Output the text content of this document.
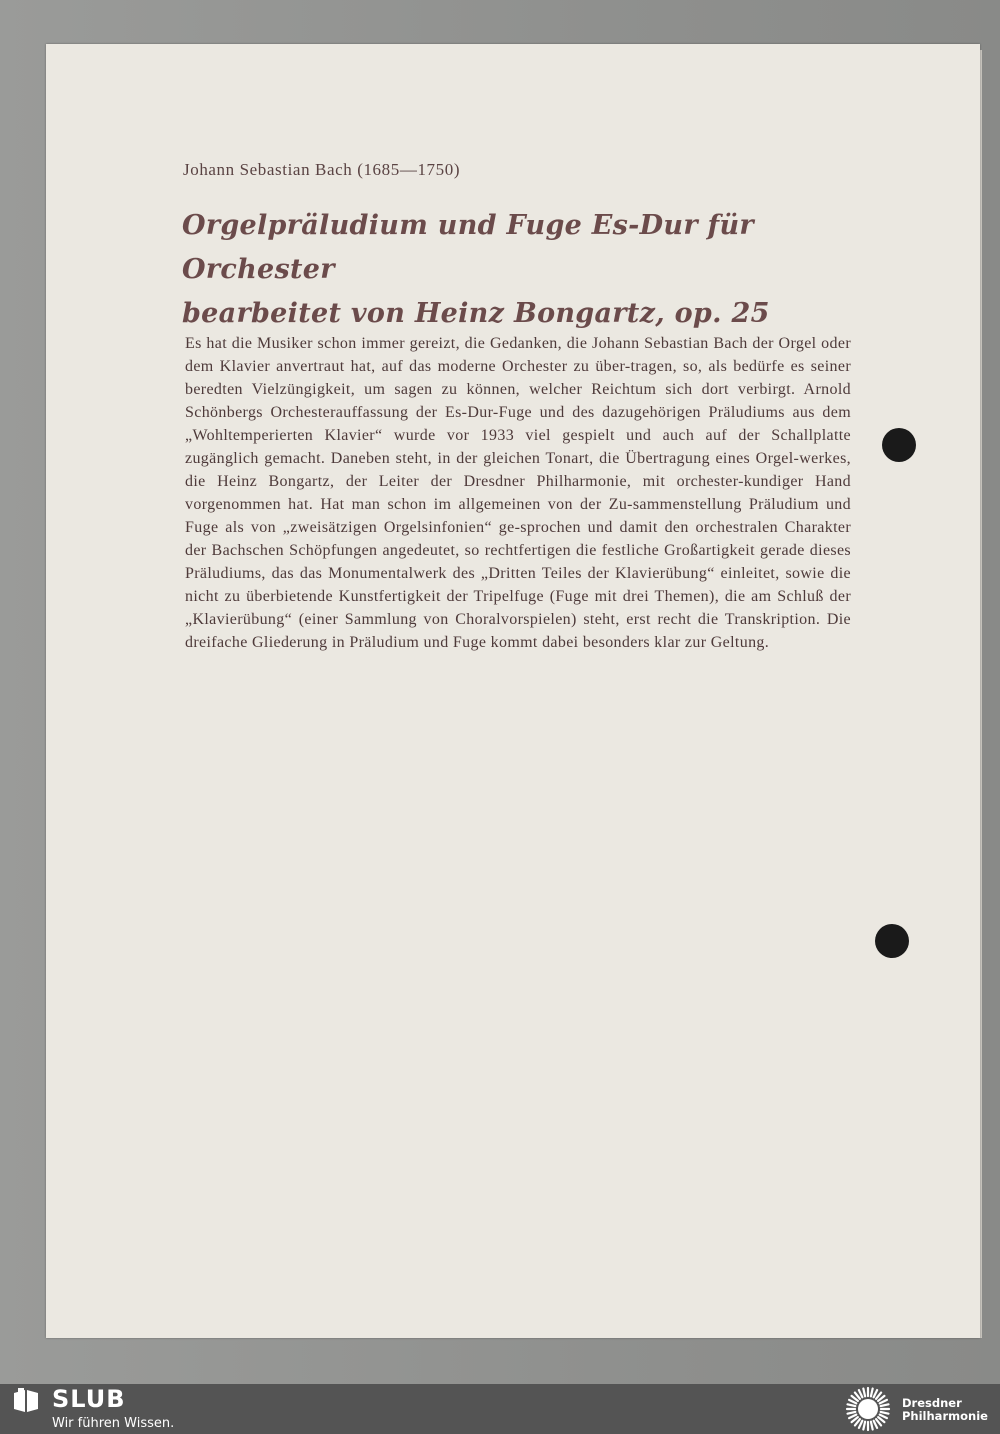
Johann Sebastian Bach (1685—1750)
Orgelpräludium und Fuge Es-Dur für Orchester
bearbeitet von Heinz Bongartz, op. 25
Es hat die Musiker schon immer gereizt, die Gedanken, die Johann Sebastian Bach der Orgel oder dem Klavier anvertraut hat, auf das moderne Orchester zu über-tragen, so, als bedürfe es seiner beredten Vielzüngigkeit, um sagen zu können, welcher Reichtum sich dort verbirgt. Arnold Schönbergs Orchesterauffassung der Es-Dur-Fuge und des dazugehörigen Präludiums aus dem „Wohltemperierten Klavier“ wurde vor 1933 viel gespielt und auch auf der Schallplatte zugänglich gemacht. Daneben steht, in der gleichen Tonart, die Übertragung eines Orgel-werkes, die Heinz Bongartz, der Leiter der Dresdner Philharmonie, mit orchester-kundiger Hand vorgenommen hat. Hat man schon im allgemeinen von der Zu-sammenstellung Präludium und Fuge als von „zweisätzigen Orgelsinfonien“ ge-sprochen und damit den orchestralen Charakter der Bachschen Schöpfungen angedeutet, so rechtfertigen die festliche Großartigkeit gerade dieses Präludiums, das das Monumentalwerk des „Dritten Teiles der Klavierübung“ einleitet, sowie die nicht zu überbietende Kunstfertigkeit der Tripelfuge (Fuge mit drei Themen), die am Schluß der „Klavierübung“ (einer Sammlung von Choralvorspielen) steht, erst recht die Transkription. Die dreifache Gliederung in Präludium und Fuge kommt dabei besonders klar zur Geltung.
SLUB
Wir führen Wissen.
Dresdner
Philharmonie
